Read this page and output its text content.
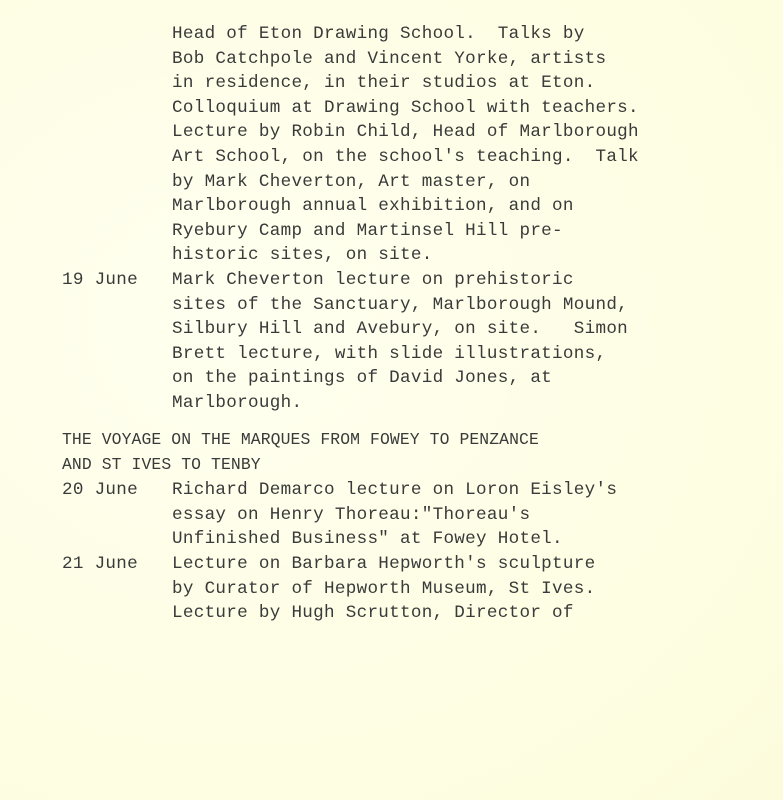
Head of Eton Drawing School.  Talks by
Bob Catchpole and Vincent Yorke, artists
in residence, in their studios at Eton.
Colloquium at Drawing School with teachers.
Lecture by Robin Child, Head of Marlborough
Art School, on the school's teaching.  Talk
by Mark Cheverton, Art master, on
Marlborough annual exhibition, and on
Ryebury Camp and Martinsel Hill pre-
historic sites, on site.
19 June Mark Cheverton lecture on prehistoric
sites of the Sanctuary, Marlborough Mound,
Silbury Hill and Avebury, on site.   Simon
Brett lecture, with slide illustrations,
on the paintings of David Jones, at
Marlborough.
THE VOYAGE ON THE MARQUES FROM FOWEY TO PENZANCE
AND ST IVES TO TENBY
20 June Richard Demarco lecture on Loron Eisley's
essay on Henry Thoreau:"Thoreau's
Unfinished Business" at Fowey Hotel.
21 June Lecture on Barbara Hepworth's sculpture
by Curator of Hepworth Museum, St Ives.
Lecture by Hugh Scrutton, Director of
